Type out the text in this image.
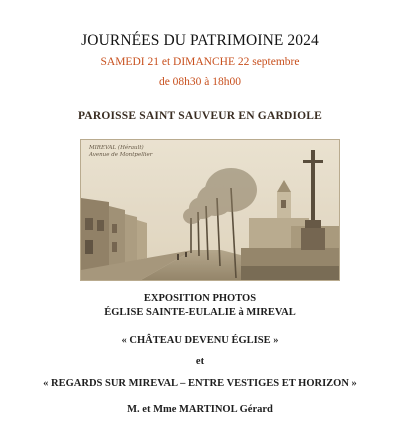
JOURNÉES DU PATRIMOINE 2024
SAMEDI 21 et DIMANCHE 22 septembre
de 08h30 à 18h00
PAROISSE SAINT SAUVEUR EN GARDIOLE
MIREVAL (Hérault)
Avenue de Montpellier
EXPOSITION PHOTOS
ÉGLISE SAINTE-EULALIE à MIREVAL
« CHÂTEAU DEVENU ÉGLISE »
et
« REGARDS SUR MIREVAL – ENTRE VESTIGES ET HORIZON »
M. et Mme MARTINOL Gérard
